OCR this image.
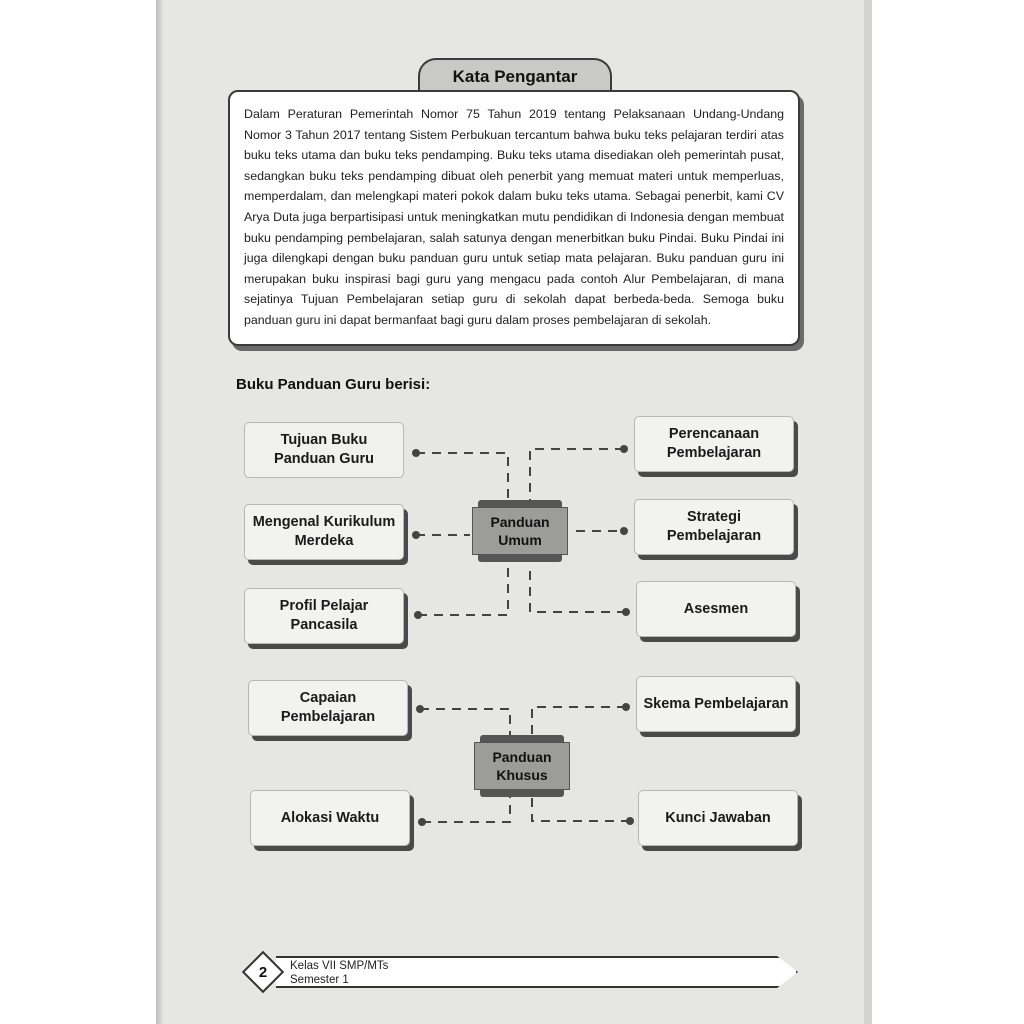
Kata Pengantar

Dalam Peraturan Pemerintah Nomor 75 Tahun 2019 tentang Pelaksanaan Undang-Undang Nomor 3 Tahun 2017 tentang Sistem Perbukuan tercantum bahwa buku teks pelajaran terdiri atas buku teks utama dan buku teks pendamping. Buku teks utama disediakan oleh pemerintah pusat, sedangkan buku teks pendamping dibuat oleh penerbit yang memuat materi untuk memperluas, memperdalam, dan melengkapi materi pokok dalam buku teks utama. Sebagai penerbit, kami CV Arya Duta juga berpartisipasi untuk meningkatkan mutu pendidikan di Indonesia dengan membuat buku pendamping pembelajaran, salah satunya dengan menerbitkan buku Pindai. Buku Pindai ini juga dilengkapi dengan buku panduan guru untuk setiap mata pelajaran. Buku panduan guru ini merupakan buku inspirasi bagi guru yang mengacu pada contoh Alur Pembelajaran, di mana sejatinya Tujuan Pembelajaran setiap guru di sekolah dapat berbeda-beda. Semoga buku panduan guru ini dapat bermanfaat bagi guru dalam proses pembelajaran di sekolah.

Buku Panduan Guru berisi:
Panduan Umum
Tujuan Buku Panduan Guru
Mengenal Kurikulum Merdeka
Profil Pelajar Pancasila
Perencanaan Pembelajaran
Strategi Pembelajaran
Asesmen
Panduan Khusus
Capaian Pembelajaran
Alokasi Waktu
Skema Pembelajaran
Kunci Jawaban
2	Kelas VII SMP/MTs
Semester 1
